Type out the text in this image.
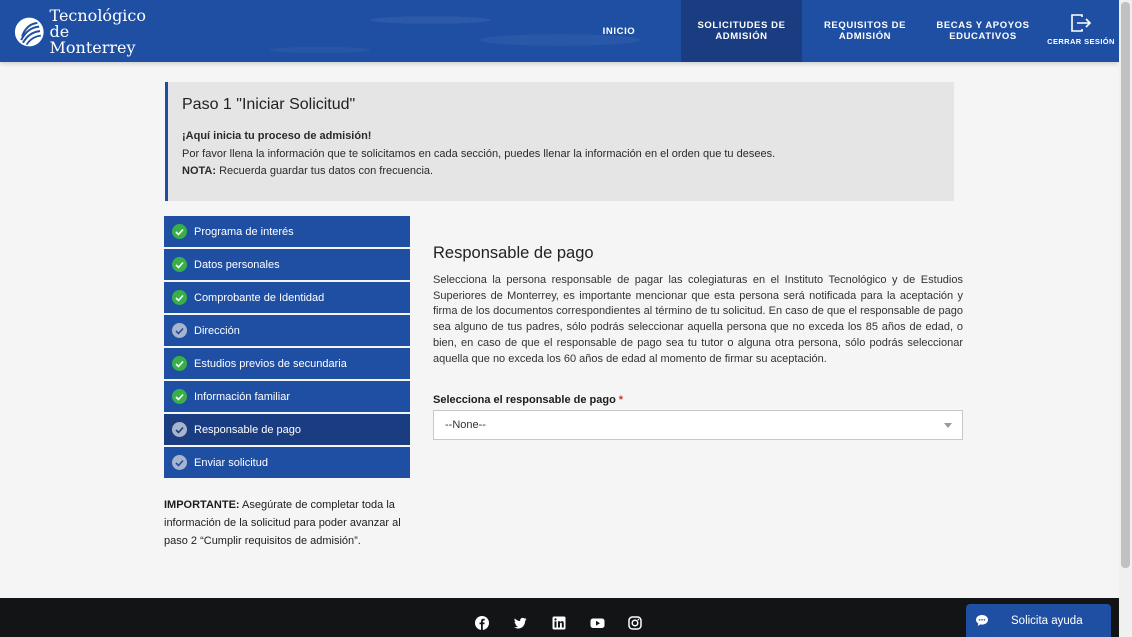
Tecnológico
de Monterrey
INICIO	SOLICITUDES DE ADMISIÓN
REQUISITOS DE ADMISIÓN
BECAS Y APOYOS EDUCATIVOS	CERRAR SESIÓN
Paso 1 "Iniciar Solicitud"

¡Aquí inicia tu proceso de admisión!

Por favor llena la información que te solicitamos en cada sección, puedes llenar la información en el orden que tu desees.

NOTA: Recuerda guardar tus datos con frecuencia.

Programa de interés
Datos personales
Comprobante de Identidad
Dirección
Estudios previos de secundaria
Información familiar
Responsable de pago
Enviar solicitud
IMPORTANTE: Asegúrate de completar toda la información de la solicitud para poder avanzar al paso 2 “Cumplir requisitos de admisión”.
Responsable de pago

Selecciona la persona responsable de pagar las colegiaturas en el Instituto Tecnológico y de Estudios Superiores de Monterrey, es importante mencionar que esta persona será notificada para la aceptación y firma de los documentos correspondientes al término de tu solicitud. En caso de que el responsable de pago sea alguno de tus padres, sólo podrás seleccionar aquella persona que no exceda los 85 años de edad, o bien, en caso de que el responsable de pago sea tu tutor o alguna otra persona, sólo podrás seleccionar aquella que no exceda los 60 años de edad al momento de firmar su aceptación.

Selecciona el responsable de pago *
--None--
Solicita ayuda
